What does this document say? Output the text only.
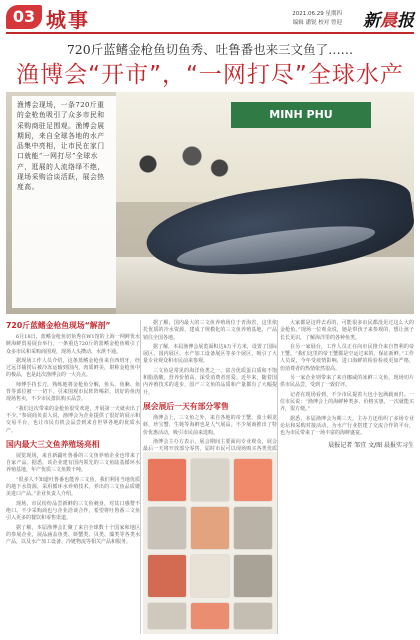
03 城事	2021.06.29 星期四
编辑 潘锐 校对 曾迎 新晨报
720斤蓝鳍金枪鱼切鱼秀、吐鲁番也来三文鱼了……
渔博会“开市”，“一网打尽”全球水产
MINH PHU

渔博会现场，一条720斤重的金枪鱼吸引了众多市民和采购商驻足围观。渔博会展期间，来自全球各地的水产品集中亮相，让市民在家门口就能“一网打尽”全球水产，逛展的人流络绎不绝，现场采购洽谈活跃，展会热度高。

720斤蓝鳍金枪鱼现场“解剖”

6月18日，蓝鳍金枪鱼切鱼秀在W1馆的上海一网鲜优水鲜海鲜贸易展台举行。一条重达720斤的蓝鳍金枪鱼吸引了众多市民和采购商围观，现场人头攒动、水泄不通。

据现场工作人员介绍，这条蓝鳍金枪鱼来自西班牙，经过远洋捕捞后被冷冻运输到国内，肉质鲜美，堪称金枪鱼中的极品，也是此次渔博会的一大亮点。

师傅手持长刀，熟练地将金枪鱼分解，鱼头、鱼腩、鱼背等部位被一一切下，引来围观市民阵阵喝彩。切好的鱼肉现场售卖，不少市民排队购买品尝。

“我们这次带来的金枪鱼很受欢迎，开展第一天就卖出了不少。”参展商负责人说，渔博会为企业提供了很好的展示和交易平台，也让市民有机会品尝到来自世界各地的优质水产。

国内最大三文鱼养殖场亮相

展览现场，来自新疆吐鲁番的三文鱼养殖企业也带来了自家产品。据悉，该企业建有国内领先的三文鱼陆基循环水养殖基地，年产优质三文鱼数千吨。

“很多人不知道吐鲁番也能养三文鱼，我们利用当地优质的地下水资源，采用循环水养殖技术，养出的三文鱼品质媲美进口产品。”企业负责人介绍。

现场，市民纷纷品尝新鲜的三文鱼刺身，对其口感赞不绝口。不少采购商也与企业洽谈合作，希望将吐鲁番三文鱼引入更多的餐饮和零售渠道。

据了解，本届渔博会汇聚了来自全球数十个国家和地区的参展企业，展品涵盖鱼类、虾蟹类、贝类、藻类等各类水产品，以及水产加工设备、冷链物流等相关产品和服务。

据了解，国内最大的三文鱼养殖场位于青海省，这里依托优质的冷水资源，建成了规模化的三文鱼养殖基地，产品销往全国各地。

据了解，本届渔博会展览面积达8万平方米，设置了国际展区、国内展区、水产加工设备展区等多个展区，吸引了大量专业观众和市民前来参观。

三文鱼是常见的海洋鱼类之一，富含优质蛋白质和不饱和脂肪酸，营养价值高，深受消费者喜爱。近年来，随着国内养殖技术的进步，国产三文鱼的品质和产量都有了大幅提升。

展会展后一天有部分零售

渔博会上，三文鱼之外，来自各地的帝王蟹、波士顿龙虾、珍宝蟹、生蚝等海鲜也是人气展品。不少展商推出了特价优惠活动，吸引市民前来选购。

渔博会主办方表示，展会期间主要面向专业观众，展会最后一天将开放部分零售，届时市民可以现场购买各类优质

大家都是这样去看的，可能很多市民都没见过这么大的金枪鱼。”现场一位观众说，她是带孩子来参观的，想让孩子长长见识，了解海洋里的各种鱼类。

在另一家展台，工作人员正在向市民推介来自智利的帝王蟹。“我们这里的帝王蟹都是空运过来的，保证新鲜。”工作人员说，今年受疫情影响，进口海鲜的检验检疫更加严格，但消费者的热情依然很高。

另一家企业则带来了来自挪威的冰鲜三文鱼，现场切片供市民品尝，受到了一致好评。

记者在现场看到，不少市民提着大包小包满载而归。一位市民说：“渔博会上的海鲜种类多、价格实惠，一次就能买齐，很方便。”

据悉，本届渔博会为期三天，主办方还组织了多场专业论坛和采购对接活动，为水产行业搭建了交流合作的平台，也为市民带来了一场丰富的海鲜盛宴。

晨报记者 邹宜 文/图 晨报实习生
